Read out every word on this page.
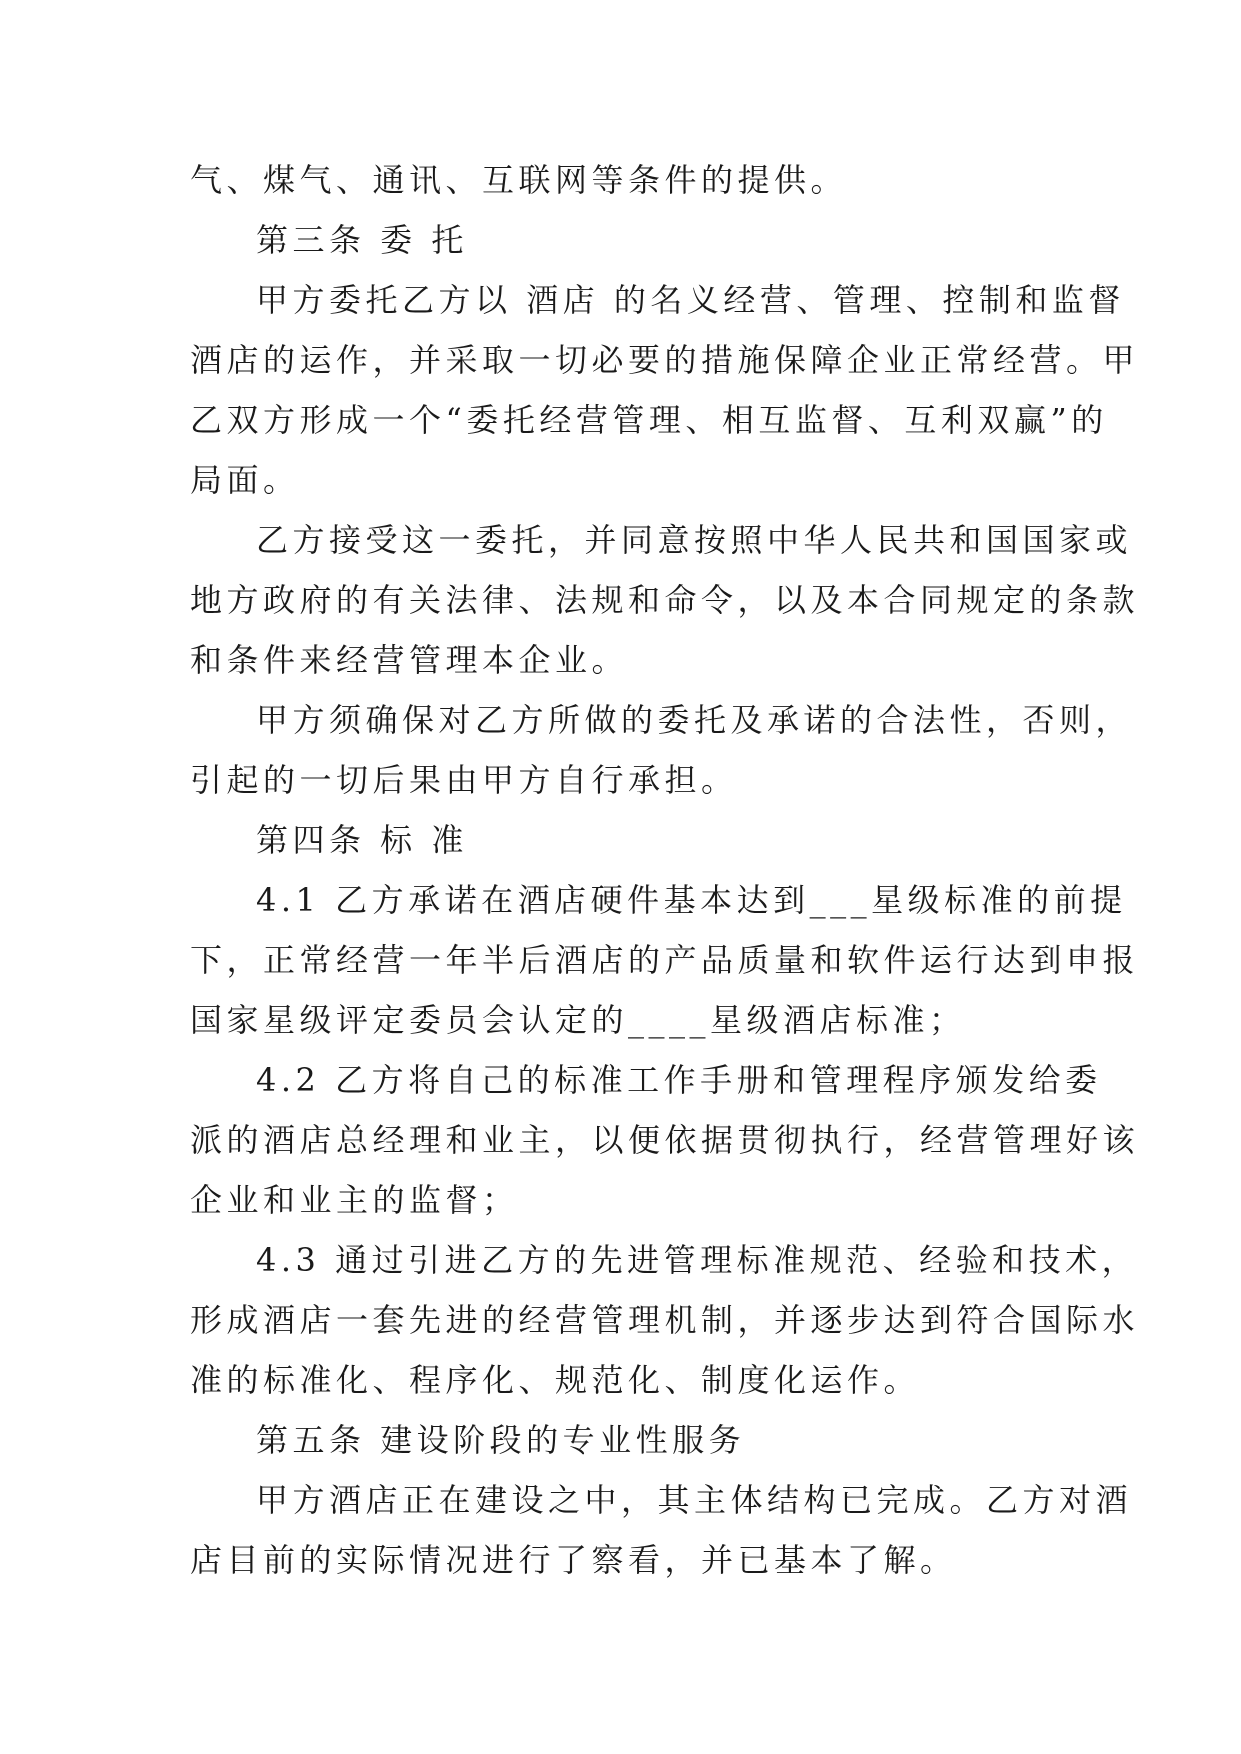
气、煤气、通讯、互联网等条件的提供。
第三条 委 托
甲方委托乙方以 酒店 的名义经营、管理、控制和监督
酒店的运作，并采取一切必要的措施保障企业正常经营。甲
乙双方形成一个“委托经营管理、相互监督、互利双赢”的
局面。
乙方接受这一委托，并同意按照中华人民共和国国家或
地方政府的有关法律、法规和命令，以及本合同规定的条款
和条件来经营管理本企业。
甲方须确保对乙方所做的委托及承诺的合法性，否则，
引起的一切后果由甲方自行承担。
第四条 标 准
4.1 乙方承诺在酒店硬件基本达到___星级标准的前提
下，正常经营一年半后酒店的产品质量和软件运行达到申报
国家星级评定委员会认定的____星级酒店标准；
4.2 乙方将自己的标准工作手册和管理程序颁发给委
派的酒店总经理和业主，以便依据贯彻执行，经营管理好该
企业和业主的监督；
4.3 通过引进乙方的先进管理标准规范、经验和技术，
形成酒店一套先进的经营管理机制，并逐步达到符合国际水
准的标准化、程序化、规范化、制度化运作。
第五条 建设阶段的专业性服务
甲方酒店正在建设之中，其主体结构已完成。乙方对酒
店目前的实际情况进行了察看，并已基本了解。
